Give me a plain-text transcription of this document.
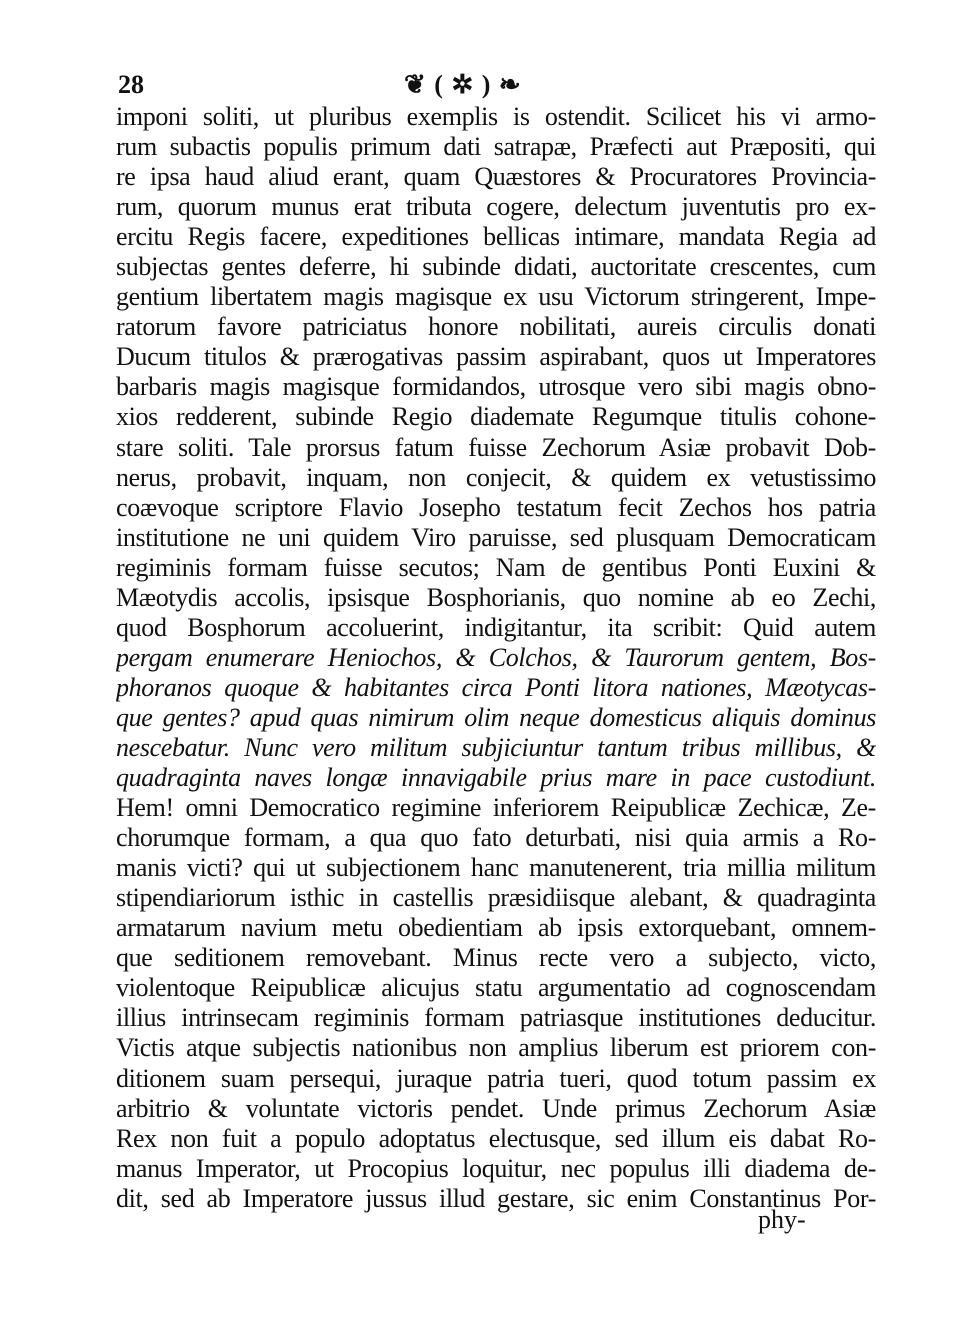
28	❦ ( ✲ ) ❧
imponi soliti, ut pluribus exemplis is ostendit. Scilicet his vi armo-
rum subactis populis primum dati satrapæ, Præfecti aut Præpositi, qui
re ipsa haud aliud erant, quam Quæstores & Procuratores Provincia-
rum, quorum munus erat tributa cogere, delectum juventutis pro ex-
ercitu Regis facere, expeditiones bellicas intimare, mandata Regia ad
subjectas gentes deferre, hi subinde didati, auctoritate crescentes, cum
gentium libertatem magis magisque ex usu Victorum stringerent, Impe-
ratorum favore patriciatus honore nobilitati, aureis circulis donati
Ducum titulos & prærogativas passim aspirabant, quos ut Imperatores
barbaris magis magisque formidandos, utrosque vero sibi magis obno-
xios redderent, subinde Regio diademate Regumque titulis cohone-
stare soliti. Tale prorsus fatum fuisse Zechorum Asiæ probavit Dob-
nerus, probavit, inquam, non conjecit, & quidem ex vetustissimo
coævoque scriptore Flavio Josepho testatum fecit Zechos hos patria
institutione ne uni quidem Viro paruisse, sed plusquam Democraticam
regiminis formam fuisse secutos; Nam de gentibus Ponti Euxini &
Mæotydis accolis, ipsisque Bosphorianis, quo nomine ab eo Zechi,
quod Bosphorum accoluerint, indigitantur, ita scribit: Quid autem
pergam enumerare Heniochos, & Colchos, & Taurorum gentem, Bos-
phoranos quoque & habitantes circa Ponti litora nationes, Mæotycas-
que gentes? apud quas nimirum olim neque domesticus aliquis dominus
nescebatur. Nunc vero militum subjiciuntur tantum tribus millibus, &
quadraginta naves longæ innavigabile prius mare in pace custodiunt.
Hem! omni Democratico regimine inferiorem Reipublicæ Zechicæ, Ze-
chorumque formam, a qua quo fato deturbati, nisi quia armis a Ro-
manis victi? qui ut subjectionem hanc manutenerent, tria millia militum
stipendiariorum isthic in castellis præsidiisque alebant, & quadraginta
armatarum navium metu obedientiam ab ipsis extorquebant, omnem-
que seditionem removebant. Minus recte vero a subjecto, victo,
violentoque Reipublicæ alicujus statu argumentatio ad cognoscendam
illius intrinsecam regiminis formam patriasque institutiones deducitur.
Victis atque subjectis nationibus non amplius liberum est priorem con-
ditionem suam persequi, juraque patria tueri, quod totum passim ex
arbitrio & voluntate victoris pendet. Unde primus Zechorum Asiæ
Rex non fuit a populo adoptatus electusque, sed illum eis dabat Ro-
manus Imperator, ut Procopius loquitur, nec populus illi diadema de-
dit, sed ab Imperatore jussus illud gestare, sic enim Constantinus Por-
phy-
